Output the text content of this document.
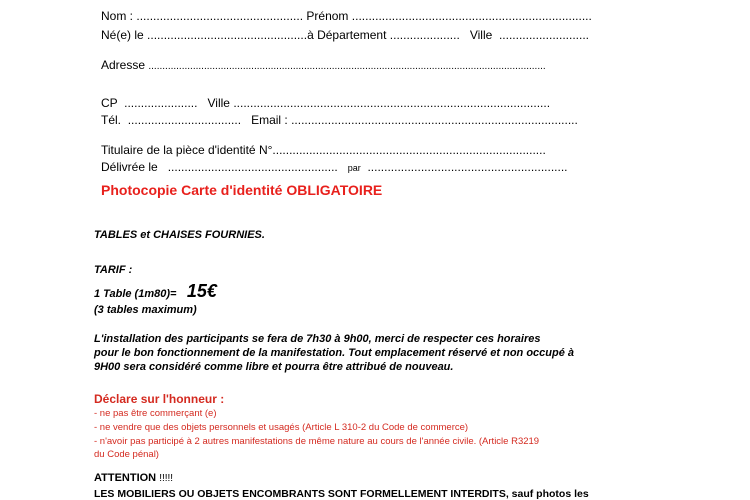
Nom : .................................................. Prénom ........................................................................
Né(e) le ................................................à Département ..................... Ville ...........................
Adresse ...............................................................................................................................................
CP ...................... Ville ...............................................................................................
Tél. .................................. Email : ......................................................................................
Titulaire de la pièce d'identité N°..................................................................................
Délivrée le ................................................... par ............................................................
Photocopie Carte d'identité OBLIGATOIRE
TABLES et CHAISES FOURNIES.
TARIF :
1 Table (1m80)= 15€
(3 tables maximum)
L'installation des participants se fera de 7h30 à 9h00, merci de respecter ces horaires
pour le bon fonctionnement de la manifestation. Tout emplacement réservé et non occupé à
9H00 sera considéré comme libre et pourra être attribué de nouveau.
Déclare sur l'honneur :
- ne pas être commerçant (e)
- ne vendre que des objets personnels et usagés (Article L 310-2 du Code de commerce)
- n'avoir pas participé à 2 autres manifestations de même nature au cours de l'année civile. (Article R3219
du Code pénal)
ATTENTION !!!!!
LES MOBILIERS OU OBJETS ENCOMBRANTS SONT FORMELLEMENT INTERDITS, sauf photos les
